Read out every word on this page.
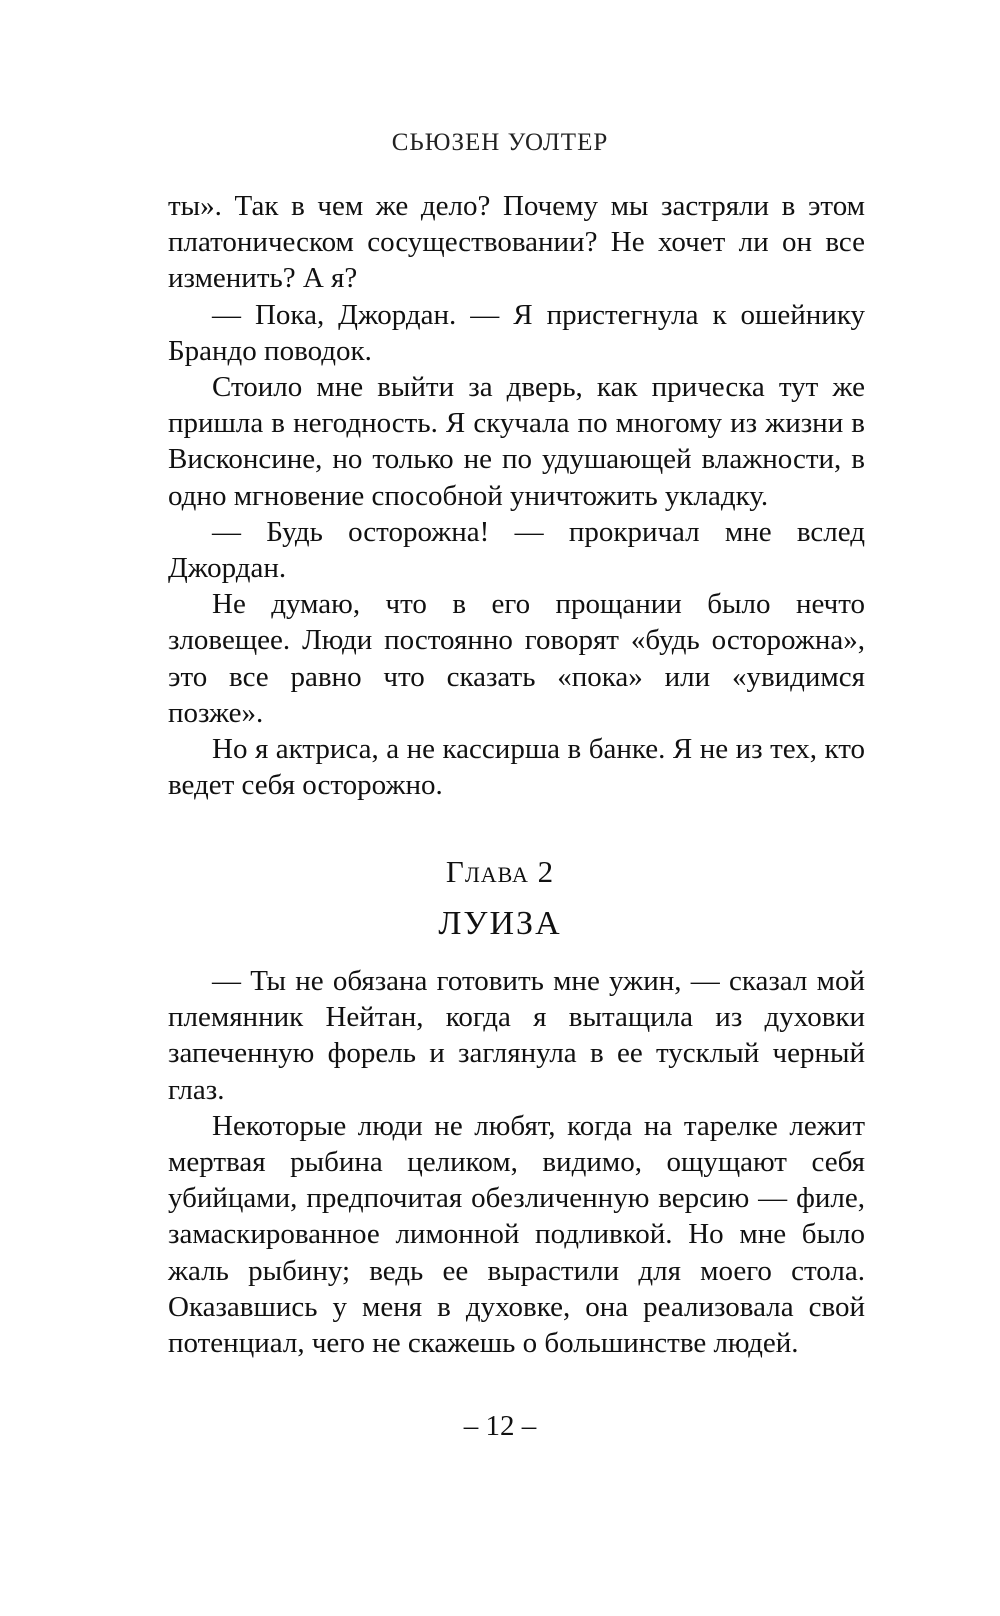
СЬЮЗЕН УОЛТЕР

ты». Так в чем же дело? Почему мы застряли в этом платоническом сосуществовании? Не хочет ли он все изменить? А я?

— Пока, Джордан. — Я пристегнула к ошейнику Брандо поводок.

Стоило мне выйти за дверь, как прическа тут же пришла в негодность. Я скучала по многому из жизни в Висконсине, но только не по удушающей влажности, в одно мгновение способной уничтожить укладку.

— Будь осторожна! — прокричал мне вслед Джордан.

Не думаю, что в его прощании было нечто зловещее. Люди постоянно говорят «будь осторожна», это все равно что сказать «пока» или «увидимся позже».

Но я актриса, а не кассирша в банке. Я не из тех, кто ведет себя осторожно.

Глава 2
ЛУИЗА

— Ты не обязана готовить мне ужин, — сказал мой племянник Нейтан, когда я вытащила из духовки запеченную форель и заглянула в ее тусклый черный глаз.

Некоторые люди не любят, когда на тарелке лежит мертвая рыбина целиком, видимо, ощущают себя убийцами, предпочитая обезличенную версию — филе, замаскированное лимонной подливкой. Но мне было жаль рыбину; ведь ее вырастили для моего стола. Оказавшись у меня в духовке, она реализовала свой потенциал, чего не скажешь о большинстве людей.

– 12 –
